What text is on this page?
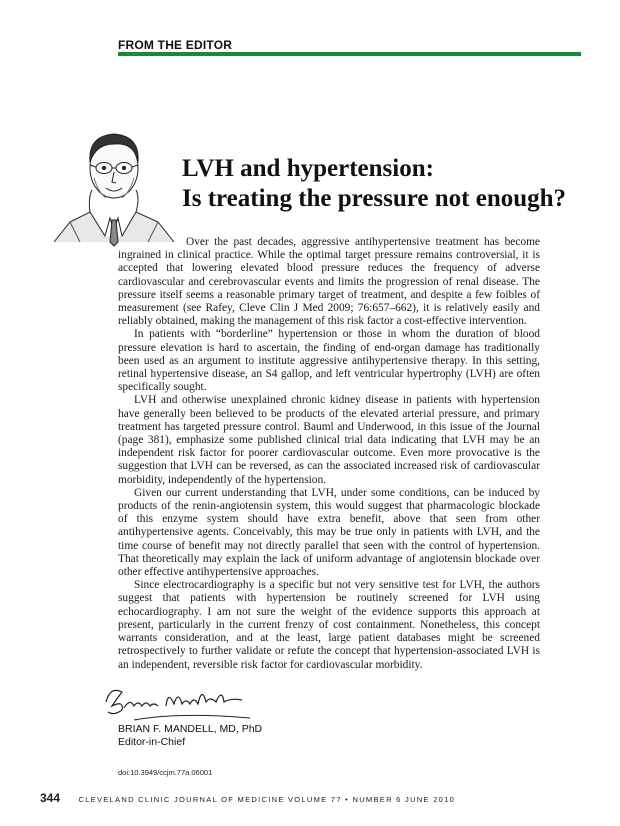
FROM THE EDITOR
LVH and hypertension:
Is treating the pressure not enough?

Over the past decades, aggressive antihypertensive treatment has become ingrained in clinical practice. While the optimal target pressure remains controversial, it is accepted that lowering elevated blood pressure reduces the frequency of adverse cardiovascular and cerebrovascular events and limits the progression of renal disease. The pressure itself seems a reasonable primary target of treatment, and despite a few foibles of measurement (see Rafey, Cleve Clin J Med 2009; 76:657–662), it is relatively easily and reliably obtained, making the management of this risk factor a cost-effective intervention.

In patients with “borderline” hypertension or those in whom the duration of blood pressure elevation is hard to ascertain, the finding of end-organ damage has traditionally been used as an argument to institute aggressive antihypertensive therapy. In this setting, retinal hypertensive disease, an S4 gallop, and left ventricular hypertrophy (LVH) are often specifically sought.

LVH and otherwise unexplained chronic kidney disease in patients with hypertension have generally been believed to be products of the elevated arterial pressure, and primary treatment has targeted pressure control. Bauml and Underwood, in this issue of the Journal (page 381), emphasize some published clinical trial data indicating that LVH may be an independent risk factor for poorer cardiovascular outcome. Even more provocative is the suggestion that LVH can be reversed, as can the associated increased risk of cardiovascular morbidity, independently of the hypertension.

Given our current understanding that LVH, under some conditions, can be induced by products of the renin-angiotensin system, this would suggest that pharmacologic blockade of this enzyme system should have extra benefit, above that seen from other antihypertensive agents. Conceivably, this may be true only in patients with LVH, and the time course of benefit may not directly parallel that seen with the control of hypertension. That theoretically may explain the lack of uniform advantage of angiotensin blockade over other effective antihypertensive approaches.

Since electrocardiography is a specific but not very sensitive test for LVH, the authors suggest that patients with hypertension be routinely screened for LVH using echocardiography. I am not sure the weight of the evidence supports this approach at present, particularly in the current frenzy of cost containment. Nonetheless, this concept warrants consideration, and at the least, large patient databases might be screened retrospectively to further validate or refute the concept that hypertension-associated LVH is an independent, reversible risk factor for cardiovascular morbidity.

BRIAN F. MANDELL, MD, PhD
Editor-in-Chief
doi:10.3949/ccjm.77a.06001
344 CLEVELAND CLINIC JOURNAL OF MEDICINE VOLUME 77 • NUMBER 6 JUNE 2010
